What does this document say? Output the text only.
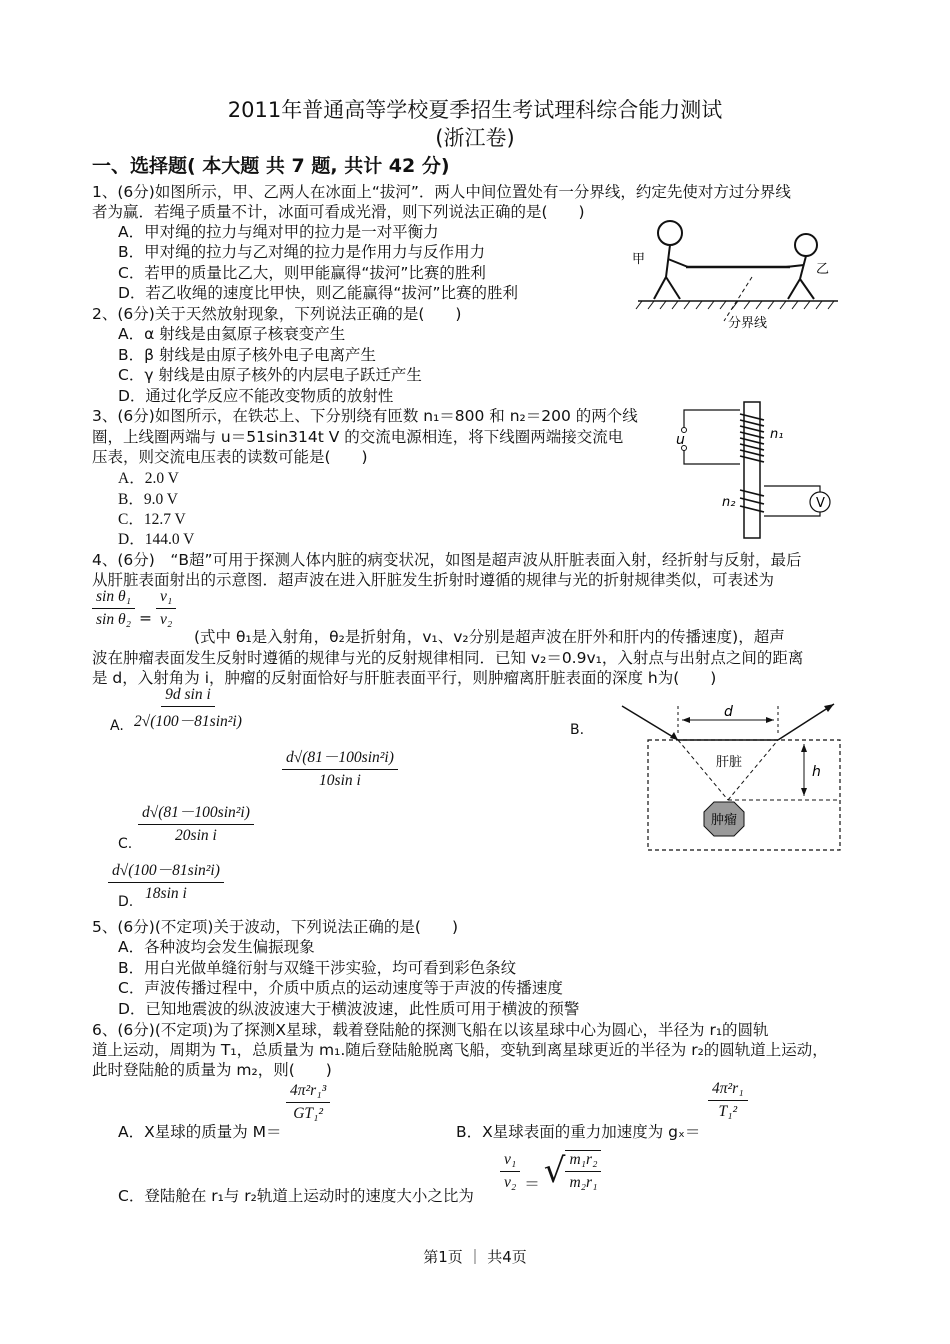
2011年普通高等学校夏季招生考试理科综合能力测试
(浙江卷)
一、选择题( 本大题 共 7 题, 共计 42 分)
1、(6分)如图所示，甲、乙两人在冰面上“拔河”．两人中间位置处有一分界线，约定先使对方过分界线
者为赢．若绳子质量不计，冰面可看成光滑，则下列说法正确的是(　　)
A．甲对绳的拉力与绳对甲的拉力是一对平衡力
B．甲对绳的拉力与乙对绳的拉力是作用力与反作用力
C．若甲的质量比乙大，则甲能赢得“拔河”比赛的胜利
D．若乙收绳的速度比甲快，则乙能赢得“拔河”比赛的胜利
甲
乙
分界线
2、(6分)关于天然放射现象，下列说法正确的是(　　)
A．α 射线是由氦原子核衰变产生
B．β 射线是由原子核外电子电离产生
C．γ 射线是由原子核外的内层电子跃迁产生
D．通过化学反应不能改变物质的放射性
3、(6分)如图所示，在铁芯上、下分别绕有匝数 n₁＝800 和 n₂＝200 的两个线
圈，上线圈两端与 u＝51sin314t V 的交流电源相连，将下线圈两端接交流电
压表，则交流电压表的读数可能是(　　)
A．2.0 V
B．9.0 V
C．12.7 V
D．144.0 V
V
u	n₁
n₂
4、(6分)　“B超”可用于探测人体内脏的病变状况，如图是超声波从肝脏表面入射，经折射与反射，最后
从肝脏表面射出的示意图．超声波在进入肝脏发生折射时遵循的规律与光的折射规律类似，可表述为
$\frac{\text{sin θ₁}}{\text{sin θ₂}} = \frac{\text{v₁}}{\text{v₂}}$
(式中 θ₁是入射角，θ₂是折射角，v₁、v₂分别是超声波在肝外和肝内的传播速度)，超声
波在肿瘤表面发生反射时遵循的规律与光的反射规律相同．已知 v₂＝0.9v₁，入射点与出射点之间的距离
是 d，入射角为 i，肿瘤的反射面恰好与肝脏表面平行，则肿瘤离肝脏表面的深度 h为(　　)
A. $\frac{\text{9d sin i}}{\text{2√(100－81sin²i)}}$	B.
$\frac{\text{d√(81－100sin²i)}}{\text{10sin i}}$
C. $\frac{\text{d√(81－100sin²i)}}{\text{20sin i}}$
D.
$\frac{\text{d√(100－81sin²i)}}{\text{18sin i}}$
d
h
肝脏
肿瘤
5、(6分)(不定项)关于波动，下列说法正确的是(　　)
A．各种波均会发生偏振现象
B．用白光做单缝衍射与双缝干涉实验，均可看到彩色条纹
C．声波传播过程中，介质中质点的运动速度等于声波的传播速度
D．已知地震波的纵波波速大于横波波速，此性质可用于横波的预警
6、(6分)(不定项)为了探测X星球，载着登陆舱的探测飞船在以该星球中心为圆心，半径为 r₁的圆轨
道上运动，周期为 T₁，总质量为 m₁.随后登陆舱脱离飞船，变轨到离星球更近的半径为 r₂的圆轨道上运动，
此时登陆舱的质量为 m₂，则(　　)
A．X星球的质量为 M＝
$\frac{\text{4π²r₁³}}{\text{GT₁²}}$
B．X星球表面的重力加速度为 gₓ＝
$\frac{\text{4π²r₁}}{\text{T₁²}}$
C．登陆舱在 r₁与 r₂轨道上运动时的速度大小之比为
$\frac{\text{v₁}}{\text{v₂}}$ ＝ √ $\frac{\text{m₁r₂}}{\text{m₂r₁}}$
第1页 ｜ 共4页
